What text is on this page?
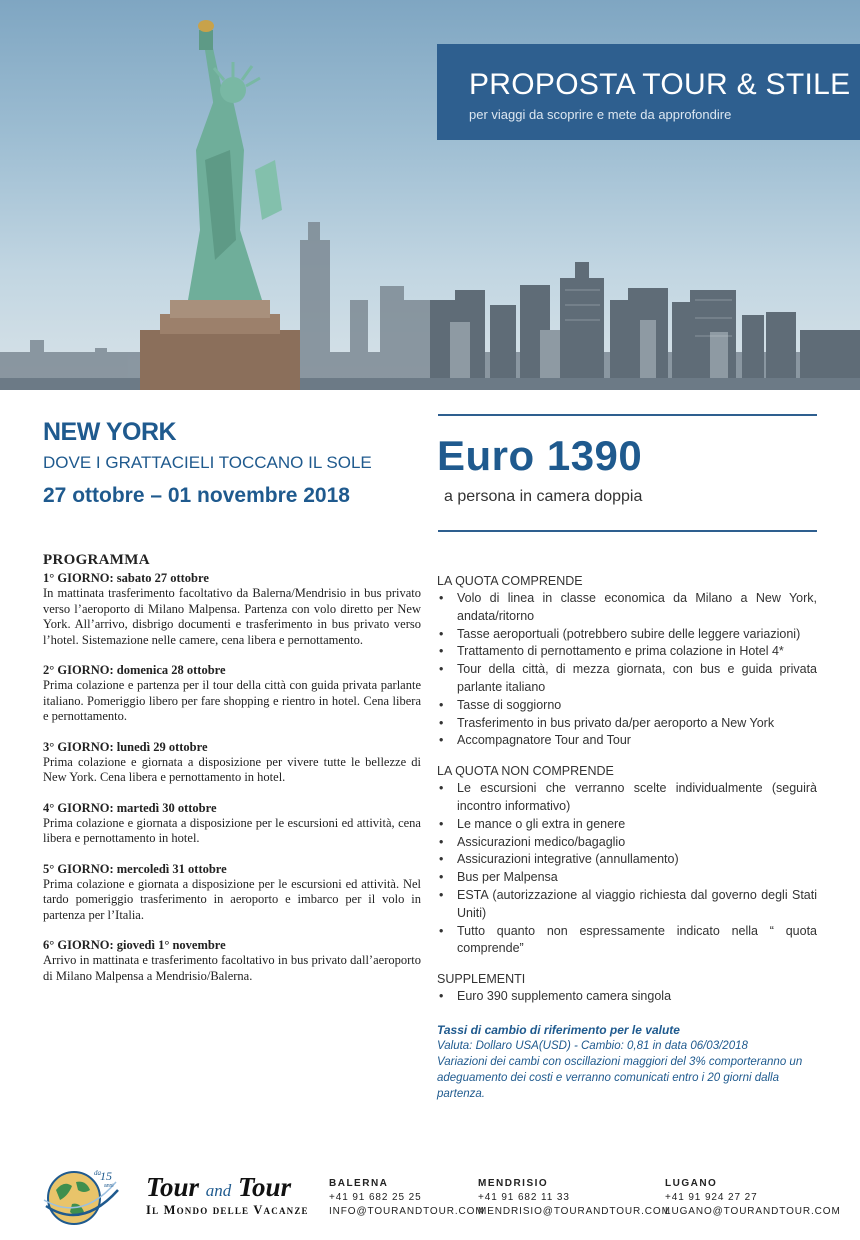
PROPOSTA TOUR & STILE
per viaggi da scoprire e mete da approfondire
NEW YORK
DOVE I GRATTACIELI TOCCANO IL SOLE
27 ottobre – 01 novembre 2018
Euro 1390
a persona in camera doppia
PROGRAMMA
1° GIORNO: sabato 27 ottobre
In mattinata trasferimento facoltativo da Balerna/Mendrisio in bus privato verso l’aeroporto di Milano Malpensa. Partenza con volo diretto per New York. All’arrivo, disbrigo documenti e trasferimento in bus privato verso l’hotel. Sistemazione nelle camere, cena libera e pernottamento.
2° GIORNO: domenica 28 ottobre
Prima colazione e partenza per il tour della città con guida privata parlante italiano. Pomeriggio libero per fare shopping e rientro in hotel. Cena libera e pernottamento.
3° GIORNO: lunedì 29 ottobre
Prima colazione e giornata a disposizione per vivere tutte le bellezze di New York. Cena libera e pernottamento in hotel.
4° GIORNO: martedì 30 ottobre
Prima colazione e giornata a disposizione per le escursioni ed attività, cena libera e pernottamento in hotel.
5° GIORNO: mercoledì 31 ottobre
Prima colazione e giornata a disposizione per le escursioni ed attività. Nel tardo pomeriggio trasferimento in aeroporto e imbarco per il volo in partenza per l’Italia.
6° GIORNO: giovedì 1° novembre
Arrivo in mattinata e trasferimento facoltativo in bus privato dall’aeroporto di Milano Malpensa a Mendrisio/Balerna.
LA QUOTA COMPRENDE
• Volo di linea in classe economica da Milano a New York, andata/ritorno
• Tasse aeroportuali (potrebbero subire delle leggere variazioni)
• Trattamento di pernottamento e prima colazione in Hotel 4*
• Tour della città, di mezza giornata, con bus e guida privata parlante italiano
• Tasse di soggiorno
• Trasferimento in bus privato da/per aeroporto a New York
• Accompagnatore Tour and Tour
LA QUOTA NON COMPRENDE
• Le escursioni che verranno scelte individualmente (seguirà incontro informativo)
• Le mance o gli extra in genere
• Assicurazioni medico/bagaglio
• Assicurazioni integrative (annullamento)
• Bus per Malpensa
• ESTA (autorizzazione al viaggio richiesta dal governo degli Stati Uniti)
• Tutto quanto non espressamente indicato nella “ quota comprende”
SUPPLEMENTI
• Euro 390 supplemento camera singola
Tassi di cambio di riferimento per le valute
Valuta: Dollaro USA(USD) - Cambio: 0,81 in data 06/03/2018
Variazioni dei cambi con oscillazioni maggiori del 3% comporteranno un adeguamento dei costi e verranno comunicati entro i 20 giorni dalla partenza.
da 15
anni Tour and Tour
Il Mondo delle Vacanze
BALERNA
+41 91 682 25 25
INFO@TOURANDTOUR.COM
MENDRISIO
+41 91 682 11 33
MENDRISIO@TOURANDTOUR.COM
LUGANO
+41 91 924 27 27
LUGANO@TOURANDTOUR.COM
